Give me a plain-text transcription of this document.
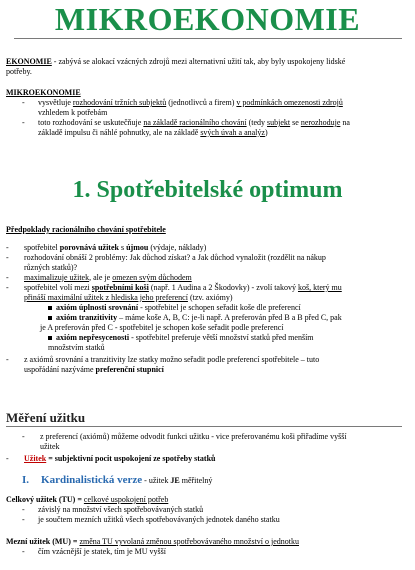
MIKROEKONOMIE
EKONOMIE - zabývá se alokací vzácných zdrojů mezi alternativní užití tak, aby byly uspokojeny lidské
potřeby.
MIKROEKONOMIE
- vysvětluje rozhodování tržních subjektů (jednotlivců a firem) v podmínkách omezenosti zdrojů
vzhledem k potřebám
- toto rozhodování se uskutečňuje na základě racionálního chování (tedy subjekt se nerozhoduje na
základě impulsu či náhlé pohnutky, ale na základě svých úvah a analýz)
1. Spotřebitelské optimum
Předpoklady racionálního chování spotřebitele
- spotřebitel porovnává užitek s újmou (výdaje, náklady)
- rozhodování obnáší 2 problémy: Jak důchod získat? a Jak důchod vynaložit (rozdělit na nákup
různých statků)?
- maximalizuje užitek, ale je omezen svým důchodem
- spotřebitel volí mezi spotřebními koši (např. 1 Audina a 2 Škodovky) - zvolí takový koš, který mu
přináší maximální užitek z hlediska jeho preferencí (tzv. axiómy)
axióm úplnosti srovnání - spotřebitel je schopen seřadit koše dle preferencí
axióm tranzitivity – máme koše A, B, C: je-li např. A preferován před B a B před C, pak
je A preferován před C - spotřebitel je schopen koše seřadit podle preferencí
axióm nepřesycenosti - spotřebitel preferuje větší množství statků před menším
množstvím statků
- z axiómů srovnání a tranzitivity lze statky možno seřadit podle preferencí spotřebitele – tuto
uspořádání nazýváme preferenční stupnicí
Měření užitku
- z preferencí (axiómů) můžeme odvodit funkci užitku - vice preferovanému koši přiřadíme vyšší
užitek
- Užitek = subjektivní pocit uspokojení ze spotřeby statků
I. Kardinalistická verze - užitek JE měřitelný
Celkový užitek (TU) = celkové uspokojení potřeb
- závislý na množství všech spotřebovávaných statků
- je součtem mezních užitků všech spotřebovávaných jednotek daného statku
Mezní užitek (MU) = změna TU vyvolaná změnou spotřebovávaného množství o jednotku
- čím vzácnější je statek, tím je MU vyšší
